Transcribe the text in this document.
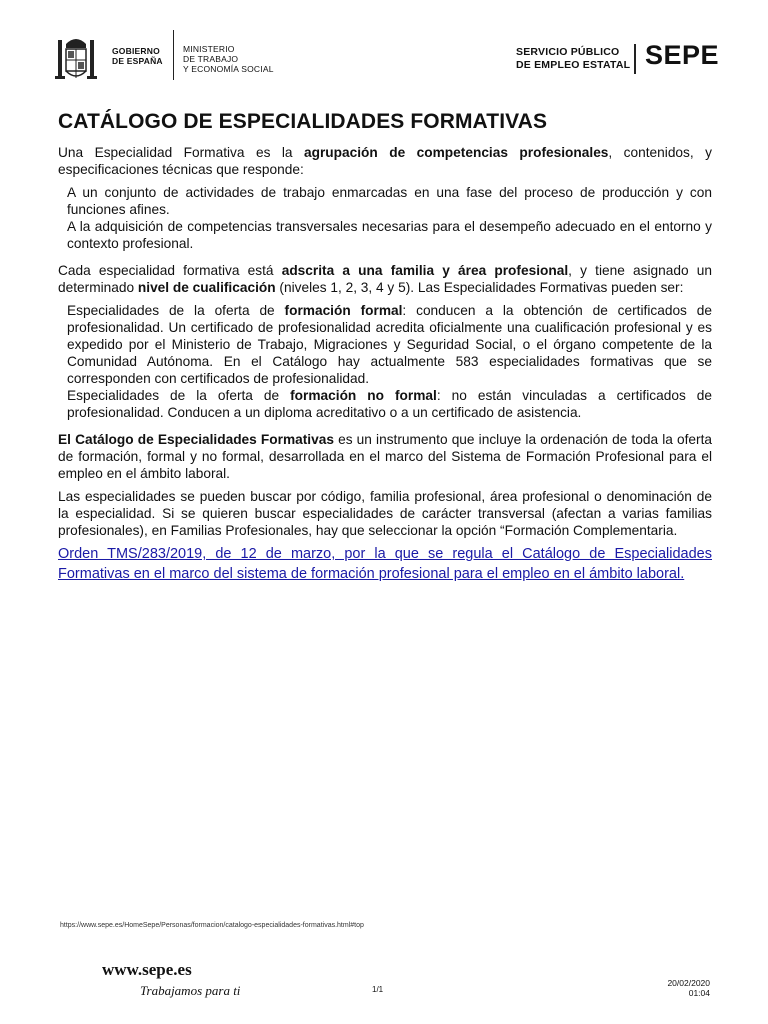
GOBIERNO
DE ESPAÑA
MINISTERIO
DE TRABAJO
Y ECONOMÍA SOCIAL
SERVICIO PÚBLICO
DE EMPLEO ESTATAL SEPE
CATÁLOGO DE ESPECIALIDADES FORMATIVAS

Una Especialidad Formativa es la agrupación de competencias profesionales, contenidos, y especificaciones técnicas que responde:

A un conjunto de actividades de trabajo enmarcadas en una fase del proceso de producción y con funciones afines.
A la adquisición de competencias transversales necesarias para el desempeño adecuado en el entorno y contexto profesional.

Cada especialidad formativa está adscrita a una familia y área profesional, y tiene asignado un determinado nivel de cualificación (niveles 1, 2, 3, 4 y 5). Las Especialidades Formativas pueden ser:

Especialidades de la oferta de formación formal: conducen a la obtención de certificados de profesionalidad. Un certificado de profesionalidad acredita oficialmente una cualificación profesional y es expedido por el Ministerio de Trabajo, Migraciones y Seguridad Social, o el órgano competente de la Comunidad Autónoma. En el Catálogo hay actualmente 583 especialidades formativas que se corresponden con certificados de profesionalidad.
Especialidades de la oferta de formación no formal: no están vinculadas a certificados de profesionalidad. Conducen a un diploma acreditativo o a un certificado de asistencia.

El Catálogo de Especialidades Formativas es un instrumento que incluye la ordenación de toda la oferta de formación, formal y no formal, desarrollada en el marco del Sistema de Formación Profesional para el empleo en el ámbito laboral.

Las especialidades se pueden buscar por código, familia profesional, área profesional o denominación de la especialidad. Si se quieren buscar especialidades de carácter transversal (afectan a varias familias profesionales), en Familias Profesionales, hay que seleccionar la opción “Formación Complementaria.

Orden TMS/283/2019, de 12 de marzo, por la que se regula el Catálogo de Especialidades Formativas en el marco del sistema de formación profesional para el empleo en el ámbito laboral.

https://www.sepe.es/HomeSepe/Personas/formacion/catalogo-especialidades-formativas.html#top
www.sepe.es
Trabajamos para ti	1/1
20/02/2020
01:04
